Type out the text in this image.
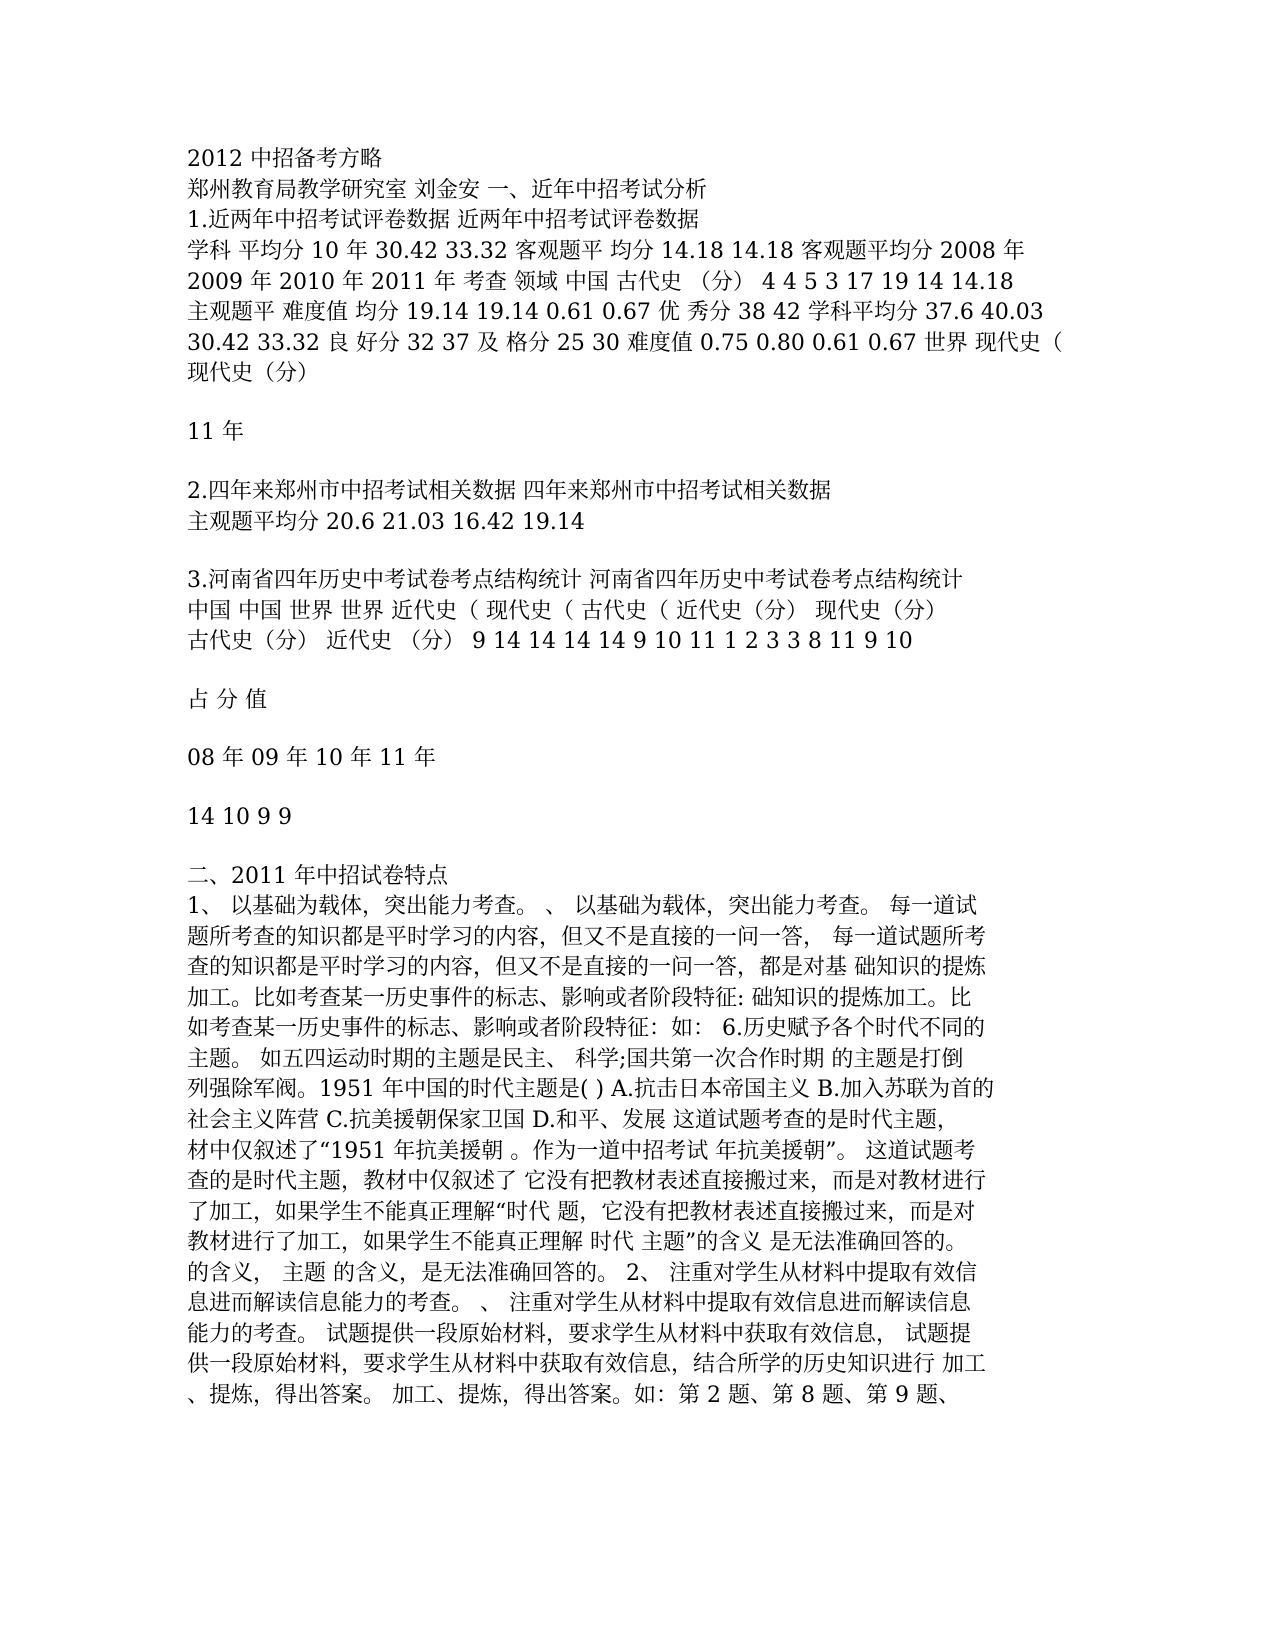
2012 中招备考方略
郑州教育局教学研究室 刘金安 一、近年中招考试分析
1.近两年中招考试评卷数据 近两年中招考试评卷数据
学科 平均分 10 年 30.42 33.32 客观题平 均分 14.18 14.18 客观题平均分 2008 年
2009 年 2010 年 2011 年 考查 领域 中国 古代史 （分） 4 4 5 3 17 19 14 14.18
主观题平 难度值 均分 19.14 19.14 0.61 0.67 优 秀分 38 42 学科平均分 37.6 40.03
30.42 33.32 良 好分 32 37 及 格分 25 30 难度值 0.75 0.80 0.61 0.67 世界 现代史（
现代史（分）
11 年
2.四年来郑州市中招考试相关数据 四年来郑州市中招考试相关数据
主观题平均分 20.6 21.03 16.42 19.14
3.河南省四年历史中考试卷考点结构统计 河南省四年历史中考试卷考点结构统计
中国 中国 世界 世界 近代史（ 现代史（ 古代史（ 近代史（分） 现代史（分）
古代史（分） 近代史 （分） 9 14 14 14 14 9 10 11 1 2 3 3 8 11 9 10
占 分 值
08 年 09 年 10 年 11 年
14 10 9 9
二、2011 年中招试卷特点
1、 以基础为载体，突出能力考查。 、 以基础为载体，突出能力考查。 每一道试
题所考查的知识都是平时学习的内容，但又不是直接的一问一答， 每一道试题所考
查的知识都是平时学习的内容，但又不是直接的一问一答，都是对基 础知识的提炼
加工。比如考查某一历史事件的标志、影响或者阶段特征: 础知识的提炼加工。比
如考查某一历史事件的标志、影响或者阶段特征：如： 6.历史赋予各个时代不同的
主题。 如五四运动时期的主题是民主、 科学;国共第一次合作时期 的主题是打倒
列强除军阀。1951 年中国的时代主题是( ) A.抗击日本帝国主义 B.加入苏联为首的
社会主义阵营 C.抗美援朝保家卫国 D.和平、发展 这道试题考查的是时代主题，
材中仅叙述了“1951 年抗美援朝 。作为一道中招考试 年抗美援朝”。 这道试题考
查的是时代主题，教材中仅叙述了 它没有把教材表述直接搬过来，而是对教材进行
了加工，如果学生不能真正理解“时代 题，它没有把教材表述直接搬过来，而是对
教材进行了加工，如果学生不能真正理解 时代 主题”的含义 是无法准确回答的。
的含义， 主题 的含义，是无法准确回答的。 2、 注重对学生从材料中提取有效信
息进而解读信息能力的考查。 、 注重对学生从材料中提取有效信息进而解读信息
能力的考查。 试题提供一段原始材料，要求学生从材料中获取有效信息， 试题提
供一段原始材料，要求学生从材料中获取有效信息，结合所学的历史知识进行 加工
、提炼，得出答案。 加工、提炼，得出答案。如：第 2 题、第 8 题、第 9 题、
